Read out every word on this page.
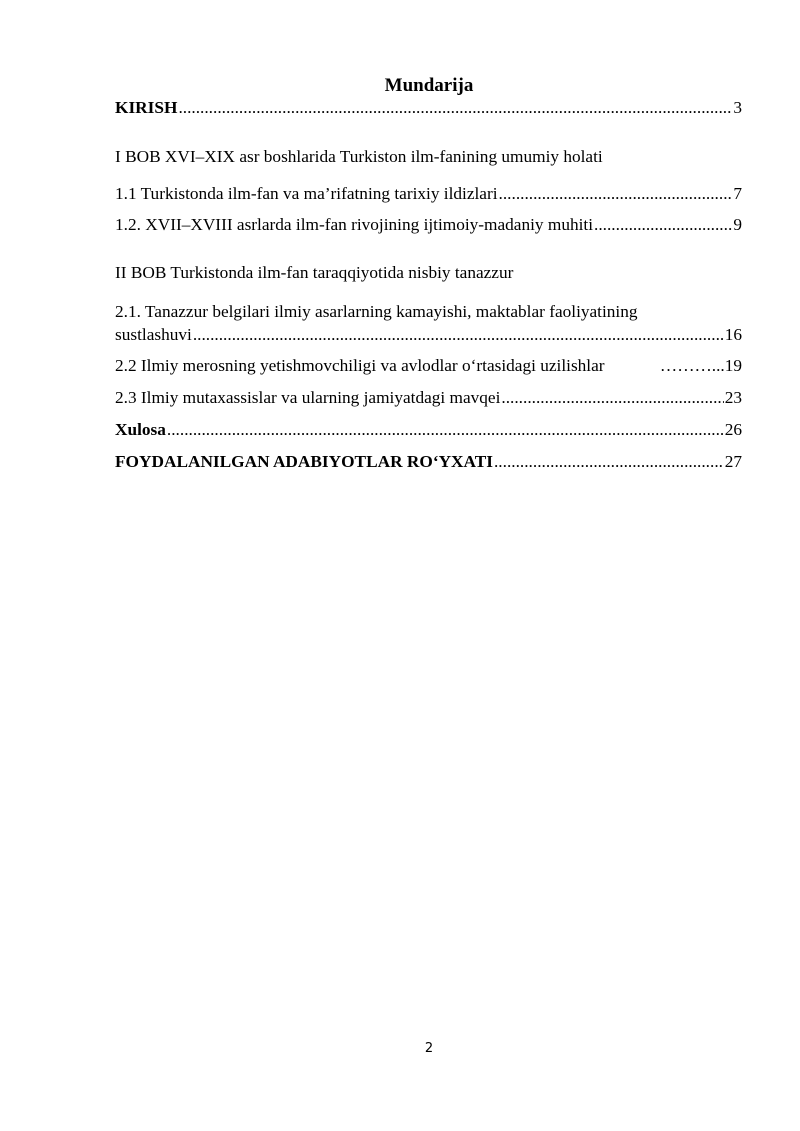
Mundarija
KIRISH .....	3
I BOB XVI–XIX asr boshlarida Turkiston ilm-fanining umumiy holati
1.1 Turkistonda ilm-fan va ma’rifatning tarixiy ildizlari .....	7
1.2. XVII–XVIII asrlarda ilm-fan rivojining ijtimoiy-madaniy muhiti .....	9
II BOB Turkistonda ilm-fan taraqqiyotida nisbiy tanazzur
2.1. Tanazzur belgilari ilmiy asarlarning kamayishi, maktablar faoliyatining
sustlashuvi .....	16
2.2 Ilmiy merosning yetishmovchiligi va avlodlar o‘rtasidagi uzilishlar	………... 19
2.3 Ilmiy mutaxassislar va ularning jamiyatdagi mavqei .....	23
Xulosa .....	26
FOYDALANILGAN ADABIYOTLAR RO‘YXATI .....	27
2
